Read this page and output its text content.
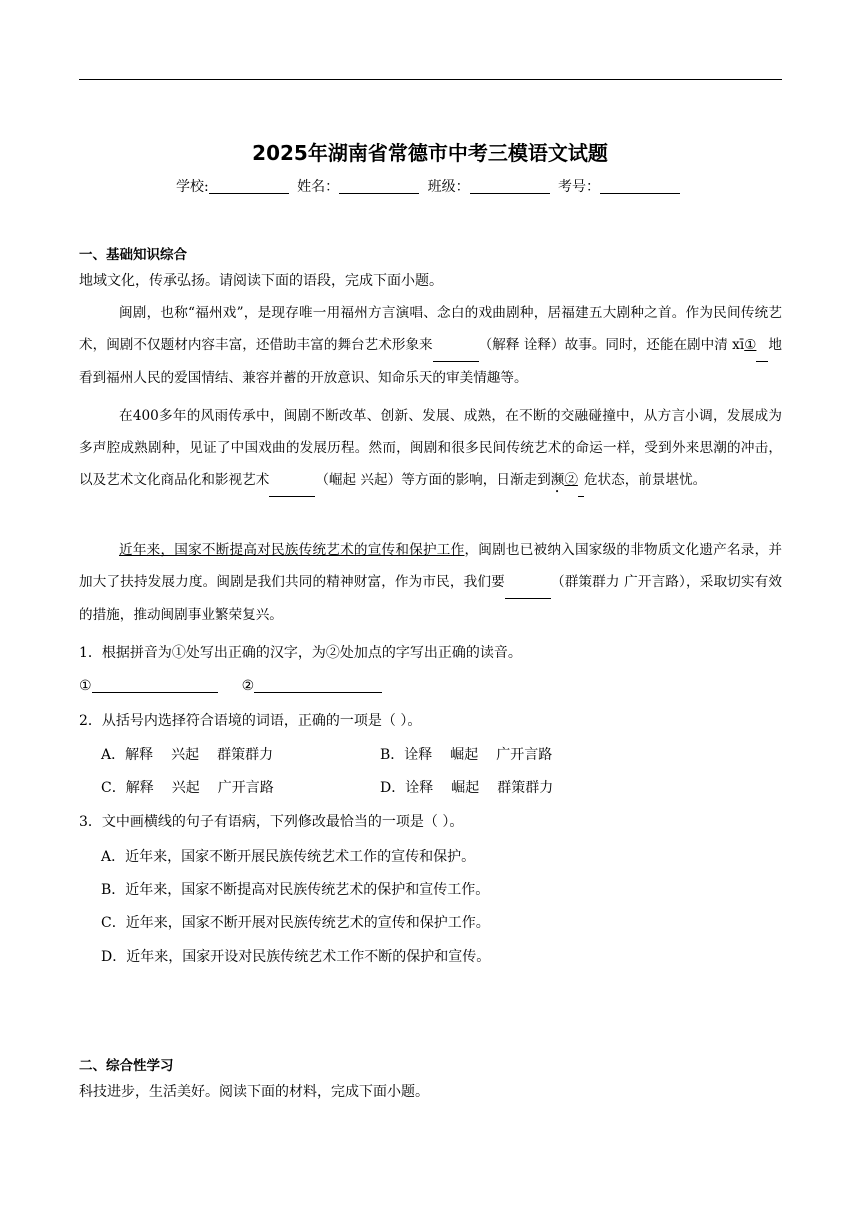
2025年湖南省常德市中考三模语文试题
学校:	姓名：	班级：	考号：
一、基础知识综合
地域文化，传承弘扬。请阅读下面的语段，完成下面小题。

闽剧，也称“福州戏”，是现存唯一用福州方言演唱、念白的戏曲剧种，居福建五大剧种之首。作为民间传统艺术，闽剧不仅题材内容丰富，还借助丰富的舞台艺术形象来	（解释 诠释）故事。同时，还能在剧中清 xī① 地看到福州人民的爱国情结、兼容并蓄的开放意识、知命乐天的审美情趣等。

在400多年的风雨传承中，闽剧不断改革、创新、发展、成熟，在不断的交融碰撞中，从方言小调，发展成为多声腔成熟剧种，见证了中国戏曲的发展历程。然而，闽剧和很多民间传统艺术的命运一样，受到外来思潮的冲击，以及艺术文化商品化和影视艺术	（崛起 兴起）等方面的影响，日渐走到濒② 危状态，前景堪忧。

近年来，国家不断提高对民族传统艺术的宣传和保护工作，闽剧也已被纳入国家级的非物质文化遗产名录，并加大了扶持发展力度。闽剧是我们共同的精神财富，作为市民，我们要	（群策群力 广开言路），采取切实有效的措施，推动闽剧事业繁荣复兴。

1．根据拼音为①处写出正确的汉字，为②处加点的字写出正确的读音。
①	②
2．从括号内选择符合语境的词语，正确的一项是（ ）。
A．解释 兴起 群策群力	B．诠释 崛起 广开言路
C．解释 兴起 广开言路	D．诠释 崛起 群策群力
3．文中画横线的句子有语病，下列修改最恰当的一项是（ ）。
A．近年来，国家不断开展民族传统艺术工作的宣传和保护。
B．近年来，国家不断提高对民族传统艺术的保护和宣传工作。
C．近年来，国家不断开展对民族传统艺术的宣传和保护工作。
D．近年来，国家开设对民族传统艺术工作不断的保护和宣传。
二、综合性学习
科技进步，生活美好。阅读下面的材料，完成下面小题。
